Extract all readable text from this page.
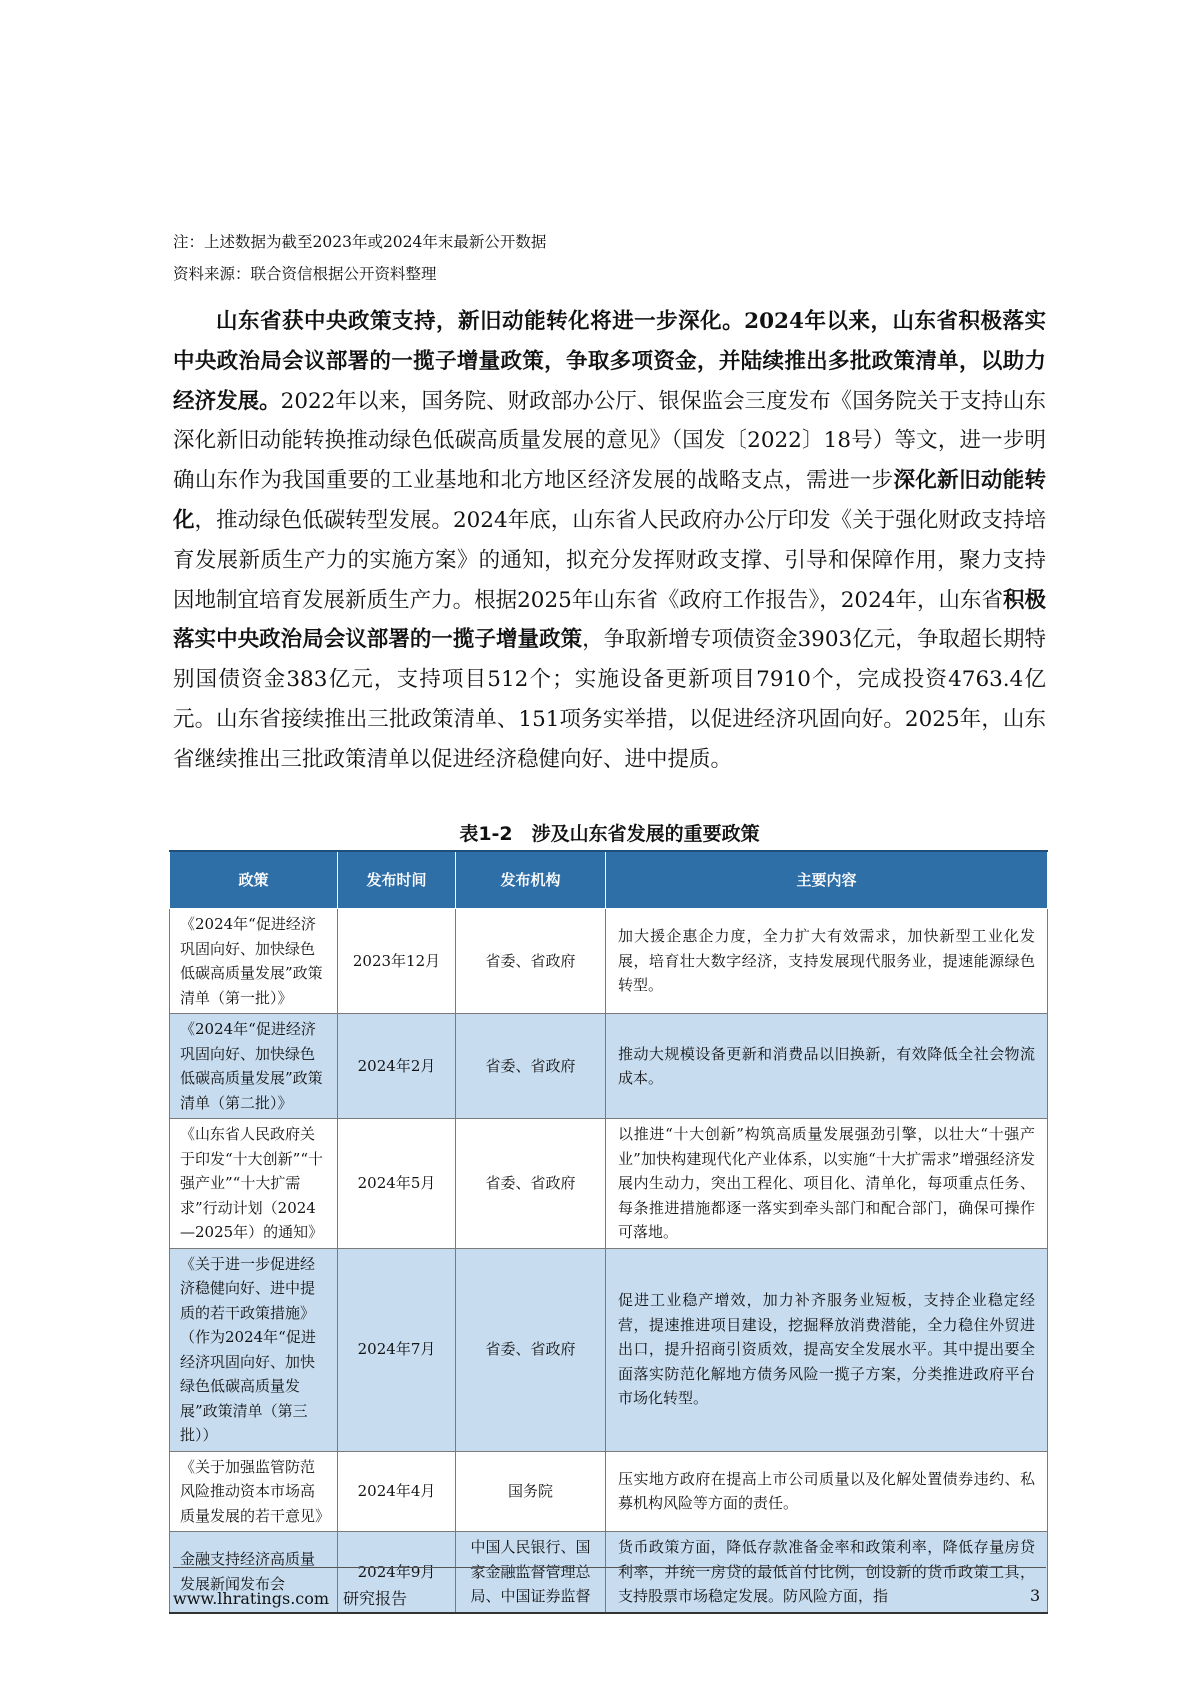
注：上述数据为截至2023年或2024年末最新公开数据
资料来源：联合资信根据公开资料整理
山东省获中央政策支持，新旧动能转化将进一步深化。2024年以来，山东省积极落实中央政治局会议部署的一揽子增量政策，争取多项资金，并陆续推出多批政策清单，以助力经济发展。2022年以来，国务院、财政部办公厅、银保监会三度发布《国务院关于支持山东深化新旧动能转换推动绿色低碳高质量发展的意见》（国发〔2022〕18号）等文，进一步明确山东作为我国重要的工业基地和北方地区经济发展的战略支点，需进一步深化新旧动能转化，推动绿色低碳转型发展。2024年底，山东省人民政府办公厅印发《关于强化财政支持培育发展新质生产力的实施方案》的通知，拟充分发挥财政支撑、引导和保障作用，聚力支持因地制宜培育发展新质生产力。根据2025年山东省《政府工作报告》，2024年，山东省积极落实中央政治局会议部署的一揽子增量政策，争取新增专项债资金3903亿元，争取超长期特别国债资金383亿元，支持项目512个；实施设备更新项目7910个，完成投资4763.4亿元。山东省接续推出三批政策清单、151项务实举措，以促进经济巩固向好。2025年，山东省继续推出三批政策清单以促进经济稳健向好、进中提质。
表1-2　涉及山东省发展的重要政策
政策	发布时间	发布机构	主要内容
《2024年“促进经济巩固向好、加快绿色低碳高质量发展”政策清单（第一批）》	2023年12月	省委、省政府	加大援企惠企力度，全力扩大有效需求，加快新型工业化发展，培育壮大数字经济，支持发展现代服务业，提速能源绿色转型。
《2024年“促进经济巩固向好、加快绿色低碳高质量发展”政策清单（第二批）》	2024年2月	省委、省政府	推动大规模设备更新和消费品以旧换新，有效降低全社会物流成本。
《山东省人民政府关于印发“十大创新”“十强产业”“十大扩需求”行动计划（2024—2025年）的通知》	2024年5月	省委、省政府	以推进“十大创新”构筑高质量发展强劲引擎，以壮大“十强产业”加快构建现代化产业体系，以实施“十大扩需求”增强经济发展内生动力，突出工程化、项目化、清单化，每项重点任务、每条推进措施都逐一落实到牵头部门和配合部门，确保可操作可落地。
《关于进一步促进经济稳健向好、进中提质的若干政策措施》（作为2024年“促进经济巩固向好、加快绿色低碳高质量发展”政策清单（第三批））	2024年7月	省委、省政府	促进工业稳产增效，加力补齐服务业短板，支持企业稳定经营，提速推进项目建设，挖掘释放消费潜能，全力稳住外贸进出口，提升招商引资质效，提高安全发展水平。其中提出要全面落实防范化解地方债务风险一揽子方案，分类推进政府平台市场化转型。
《关于加强监管防范风险推动资本市场高质量发展的若干意见》	2024年4月	国务院	压实地方政府在提高上市公司质量以及化解处置债券违约、私募机构风险等方面的责任。
金融支持经济高质量发展新闻发布会	2024年9月	中国人民银行、国家金融监督管理总局、中国证券监督	货币政策方面，降低存款准备金率和政策利率，降低存量房贷利率，并统一房贷的最低首付比例，创设新的货币政策工具，支持股票市场稳定发展。防风险方面，指
www.lhratings.com 研究报告	3
